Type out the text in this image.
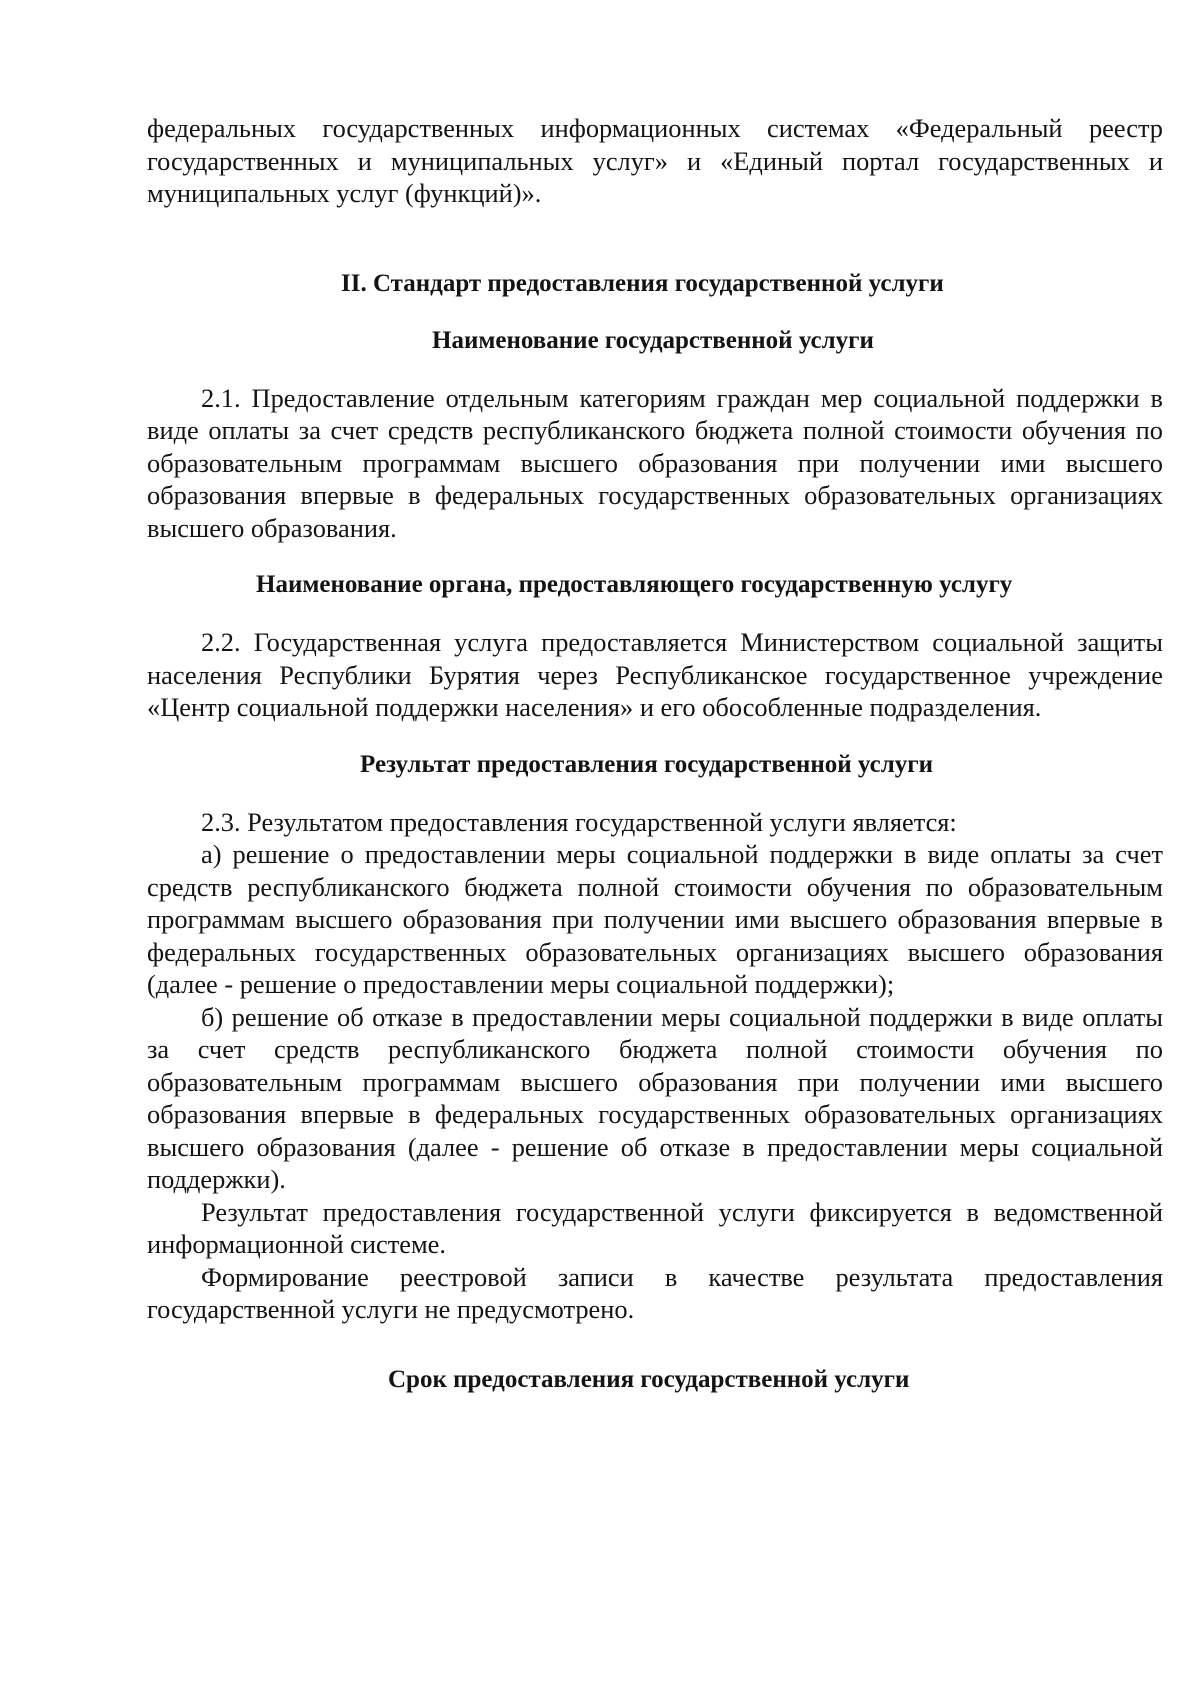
федеральных государственных информационных системах «Федеральный реестр государственных и муниципальных услуг» и «Единый портал государственных и муниципальных услуг (функций)».

II. Стандарт предоставления государственной услуги
Наименование государственной услуги

2.1. Предоставление отдельным категориям граждан мер социальной поддержки в виде оплаты за счет средств республиканского бюджета полной стоимости обучения по образовательным программам высшего образования при получении ими высшего образования впервые в федеральных государственных образовательных организациях высшего образования.

Наименование органа, предоставляющего государственную услугу

2.2. Государственная услуга предоставляется Министерством социальной защиты населения Республики Бурятия через Республиканское государственное учреждение «Центр социальной поддержки населения» и его обособленные подразделения.

Результат предоставления государственной услуги

2.3. Результатом предоставления государственной услуги является:

а) решение о предоставлении меры социальной поддержки в виде оплаты за счет средств республиканского бюджета полной стоимости обучения по образовательным программам высшего образования при получении ими высшего образования впервые в федеральных государственных образовательных организациях высшего образования (далее - решение о предоставлении меры социальной поддержки);

б) решение об отказе в предоставлении меры социальной поддержки в виде оплаты за счет средств республиканского бюджета полной стоимости обучения по образовательным программам высшего образования при получении ими высшего образования впервые в федеральных государственных образовательных организациях высшего образования (далее - решение об отказе в предоставлении меры социальной поддержки).

Результат предоставления государственной услуги фиксируется в ведомственной информационной системе.

Формирование реестровой записи в качестве результата предоставления государственной услуги не предусмотрено.

Срок предоставления государственной услуги
